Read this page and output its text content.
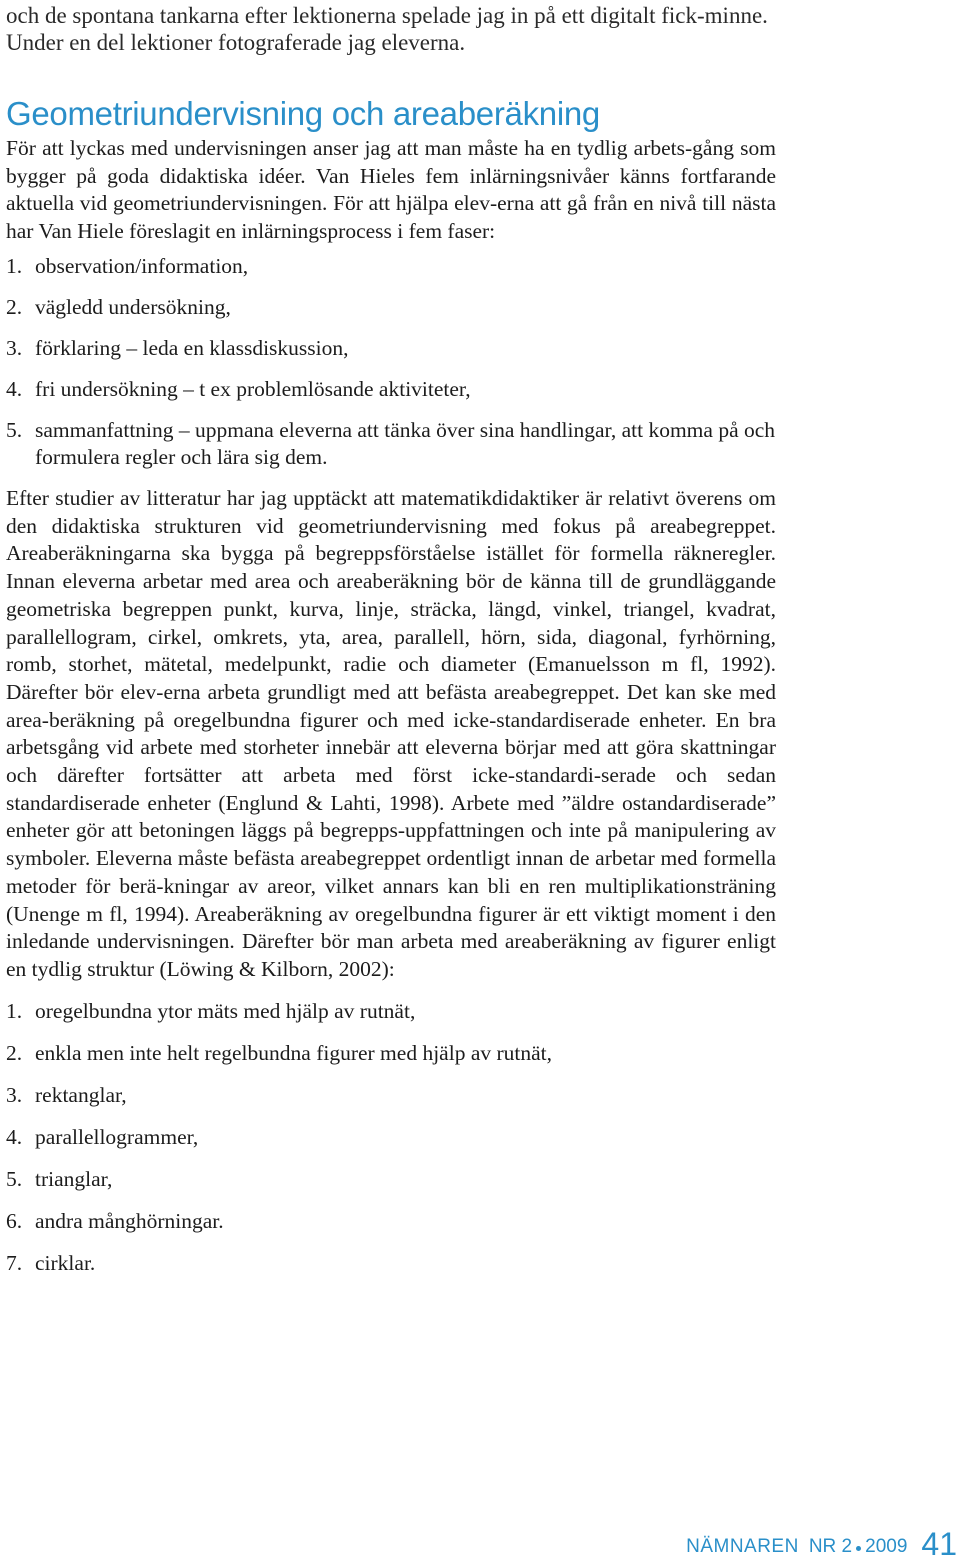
och de spontana tankarna efter lektionerna spelade jag in på ett digitalt fick-minne. Under en del lektioner fotograferade jag eleverna.

Geometriundervisning och areaberäkning

För att lyckas med undervisningen anser jag att man måste ha en tydlig arbets-gång som bygger på goda didaktiska idéer. Van Hieles fem inlärningsnivåer känns fortfarande aktuella vid geometriundervisningen. För att hjälpa elev-erna att gå från en nivå till nästa har Van Hiele föreslagit en inlärningsprocess i fem faser:

1. observation/information,
2. vägledd undersökning,
3. förklaring – leda en klassdiskussion,
4. fri undersökning – t ex problemlösande aktiviteter,
5. sammanfattning – uppmana eleverna att tänka över sina handlingar, att komma på och formulera regler och lära sig dem.

Efter studier av litteratur har jag upptäckt att matematikdidaktiker är relativt överens om den didaktiska strukturen vid geometriundervisning med fokus på areabegreppet. Areaberäkningarna ska bygga på begreppsförståelse istället för formella räkneregler. Innan eleverna arbetar med area och areaberäkning bör de känna till de grundläggande geometriska begreppen punkt, kurva, linje, sträcka, längd, vinkel, triangel, kvadrat, parallellogram, cirkel, omkrets, yta, area, parallell, hörn, sida, diagonal, fyrhörning, romb, storhet, mätetal, medelpunkt, radie och diameter (Emanuelsson m fl, 1992). Därefter bör elev-erna arbeta grundligt med att befästa areabegreppet. Det kan ske med area-beräkning på oregelbundna figurer och med icke-standardiserade enheter. En bra arbetsgång vid arbete med storheter innebär att eleverna börjar med att göra skattningar och därefter fortsätter att arbeta med först icke-standardi-serade och sedan standardiserade enheter (Englund & Lahti, 1998). Arbete med ”äldre ostandardiserade” enheter gör att betoningen läggs på begrepps-uppfattningen och inte på manipulering av symboler. Eleverna måste befästa areabegreppet ordentligt innan de arbetar med formella metoder för berä-kningar av areor, vilket annars kan bli en ren multiplikationsträning (Unenge m fl, 1994). Areaberäkning av oregelbundna figurer är ett viktigt moment i den inledande undervisningen. Därefter bör man arbeta med areaberäkning av figurer enligt en tydlig struktur (Löwing & Kilborn, 2002):

1. oregelbundna ytor mäts med hjälp av rutnät,
2. enkla men inte helt regelbundna figurer med hjälp av rutnät,
3. rektanglar,
4. parallellogrammer,
5. trianglar,
6. andra månghörningar.
7. cirklar.
NÄMNAREN NR 2 2009 41
